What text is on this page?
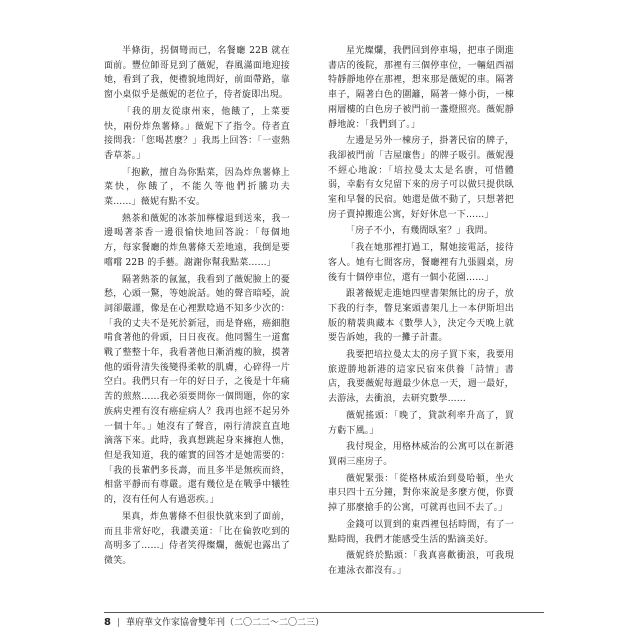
半條街，拐個彎而已，名餐廳 22B 就在面前。豐位師哥見到了薇妮，春風滿面地迎接她，看到了我，便禮貌地問好，前面帶路，靠窗小桌似乎是薇妮的老位子，侍者旋即出現。

「我的朋友從康州來，他餓了，上菜要快，兩份炸魚薯條。」薇妮下了指令。侍者直接問我：「您喝甚麼？」我馬上回答：「一壺熱香草茶。」

「抱歉，擅自為你點菜，因為炸魚薯條上菜快，你餓了，不能久等他們折騰功夫菜……」薇妮有點不安。

熱茶和薇妮的冰茶加檸檬退到送來，我一邊喝著茶香一邊很愉快地回答說：「每個地方，每家餐廳的炸魚薯條天差地遠，我倒是要嚐嚐 22B 的手藝。謝謝你幫我點菜……」

隔著熱茶的氤氳，我看到了薇妮臉上的憂愁，心頭一驚，等她說話。她的聲音暗啞，說詞卻嚴謹，像是在心裡默唸過不知多少次的：「我的丈夫不是死於新冠，而是脊癌，癌細胞啃食著他的骨頭，日日夜夜。他同醫生一道奮戰了整整十年，我看著他日漸消瘦的臉，摸著他的頭骨清失後變得柔軟的肌膚，心碎得一片空白。我們只有一年的好日子，之後是十年痛苦的煎熬……我必須要問你一個問題，你的家族病史裡有沒有癌症病人？我再也經不起另外一個十年。」她沒有了聲音，兩行清淚直直地滴落下來。此時，我真想跳起身來擁抱人憔，但是我知道，我的確實的回答才是她需要的：「我的長輩們多長壽，而且多半是無疾而終，相當平靜而有尊嚴。還有幾位是在戰爭中犧牲的，沒有任何人有過惡疾。」

果真，炸魚薯條不但很快就來到了面前，而且非常好吃，我讚美道：「比在倫敦吃到的高明多了……」侍者笑得燦爛，薇妮也露出了微笑。

星光燦爛，我們回到停車場，把車子開進書店的後院，那裡有三個停車位，一輛紐西福特靜靜地停在那裡，想來那是薇妮的車。隔著車子，隔著白色的圍籬，隔著一條小街，一棟兩層樓的白色房子被門前一盞燈照亮。薇妮靜靜地說：「我們到了。」

左邊是另外一棟房子，掛著民宿的牌子，我卻被門前「吉屋廉售」的牌子吸引。薇妮漫不經心地說：「培拉曼太太是名廚，可惜體弱，幸虧有女兒留下來的房子可以做只提供臥室和早餐的民宿。她還是做不動了，只想著把房子賣掉搬進公寓，好好休息一下……」

「房子不小，有幾間臥室？」我問。

「我在她那裡打過工，幫她接電話，接待客人。她有七間客房，餐廳裡有九張圓桌，房後有十個停車位，還有一個小花園……」

跟著薇妮走進她四壁書架無比的房子，放下我的行李，瞥見案頭書架几上一本伊斯坦出版的精裝典藏本《數學人》，決定今天晚上就要告訴她，我的一攤子計畫。

我要把培拉曼太太的房子買下來，我要用旅遊勝地新港的這家民宿來供養「詩情」書店，我要薇妮每週最少休息一天，週一最好，去游泳，去衝浪，去研究數學……

薇妮搖頭：「晚了，貸款利率升高了，買方虧下風。」

我付現金，用格林威治的公寓可以在新港買兩三座房子。

薇妮緊張：「從格林威治到曼哈頓，坐火車只四十五分鐘，對你來說是多麼方便，你賣掉了那麼搶手的公寓，可就再也回不去了。」

金錢可以買到的東西裡包括時間，有了一點時間，我們才能感受生活的點滴美好。

薇妮終於點頭：「我真喜歡衝浪，可我現在連泳衣都沒有。」

8 | 華府華文作家協會雙年刊（二〇二二～二〇二三）
